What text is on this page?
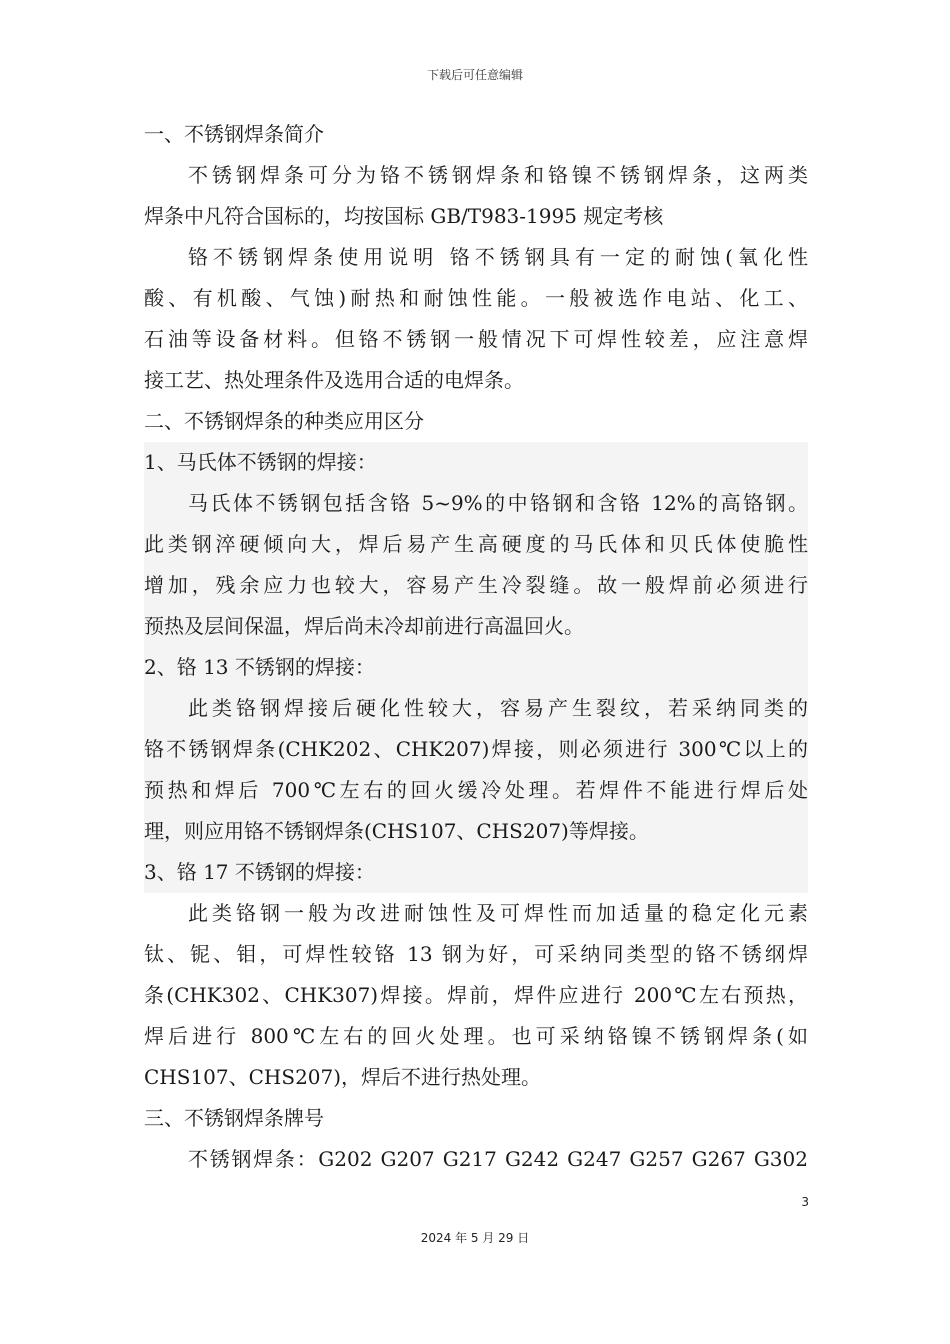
下载后可任意编辑
一、不锈钢焊条简介
不锈钢焊条可分为铬不锈钢焊条和铬镍不锈钢焊条，这两类
焊条中凡符合国标的，均按国标 GB/T983-1995 规定考核
铬不锈钢焊条使用说明 铬不锈钢具有一定的耐蚀(氧化性
酸、有机酸、气蚀)耐热和耐蚀性能。一般被选作电站、化工、
石油等设备材料。但铬不锈钢一般情况下可焊性较差，应注意焊
接工艺、热处理条件及选用合适的电焊条。
二、不锈钢焊条的种类应用区分
1、马氏体不锈钢的焊接：
马氏体不锈钢包括含铬 5~9%的中铬钢和含铬 12%的高铬钢。
此类钢淬硬倾向大，焊后易产生高硬度的马氏体和贝氏体使脆性
增加，残余应力也较大，容易产生冷裂缝。故一般焊前必须进行
预热及层间保温，焊后尚未冷却前进行高温回火。
2、铬 13 不锈钢的焊接：
此类铬钢焊接后硬化性较大，容易产生裂纹，若采纳同类的
铬不锈钢焊条(CHK202、CHK207)焊接，则必须进行 300℃以上的
预热和焊后 700℃左右的回火缓冷处理。若焊件不能进行焊后处
理，则应用铬不锈钢焊条(CHS107、CHS207)等焊接。
3、铬 17 不锈钢的焊接：
此类铬钢一般为改进耐蚀性及可焊性而加适量的稳定化元素
钛、铌、钼，可焊性较铬 13 钢为好，可采纳同类型的铬不锈纲焊
条(CHK302、CHK307)焊接。焊前，焊件应进行 200℃左右预热，
焊后进行 800℃左右的回火处理。也可采纳铬镍不锈钢焊条(如
CHS107、CHS207)，焊后不进行热处理。
三、不锈钢焊条牌号
不锈钢焊条：G202 G207 G217 G242 G247 G257 G267 G302
3
2024 年 5 月 29 日
